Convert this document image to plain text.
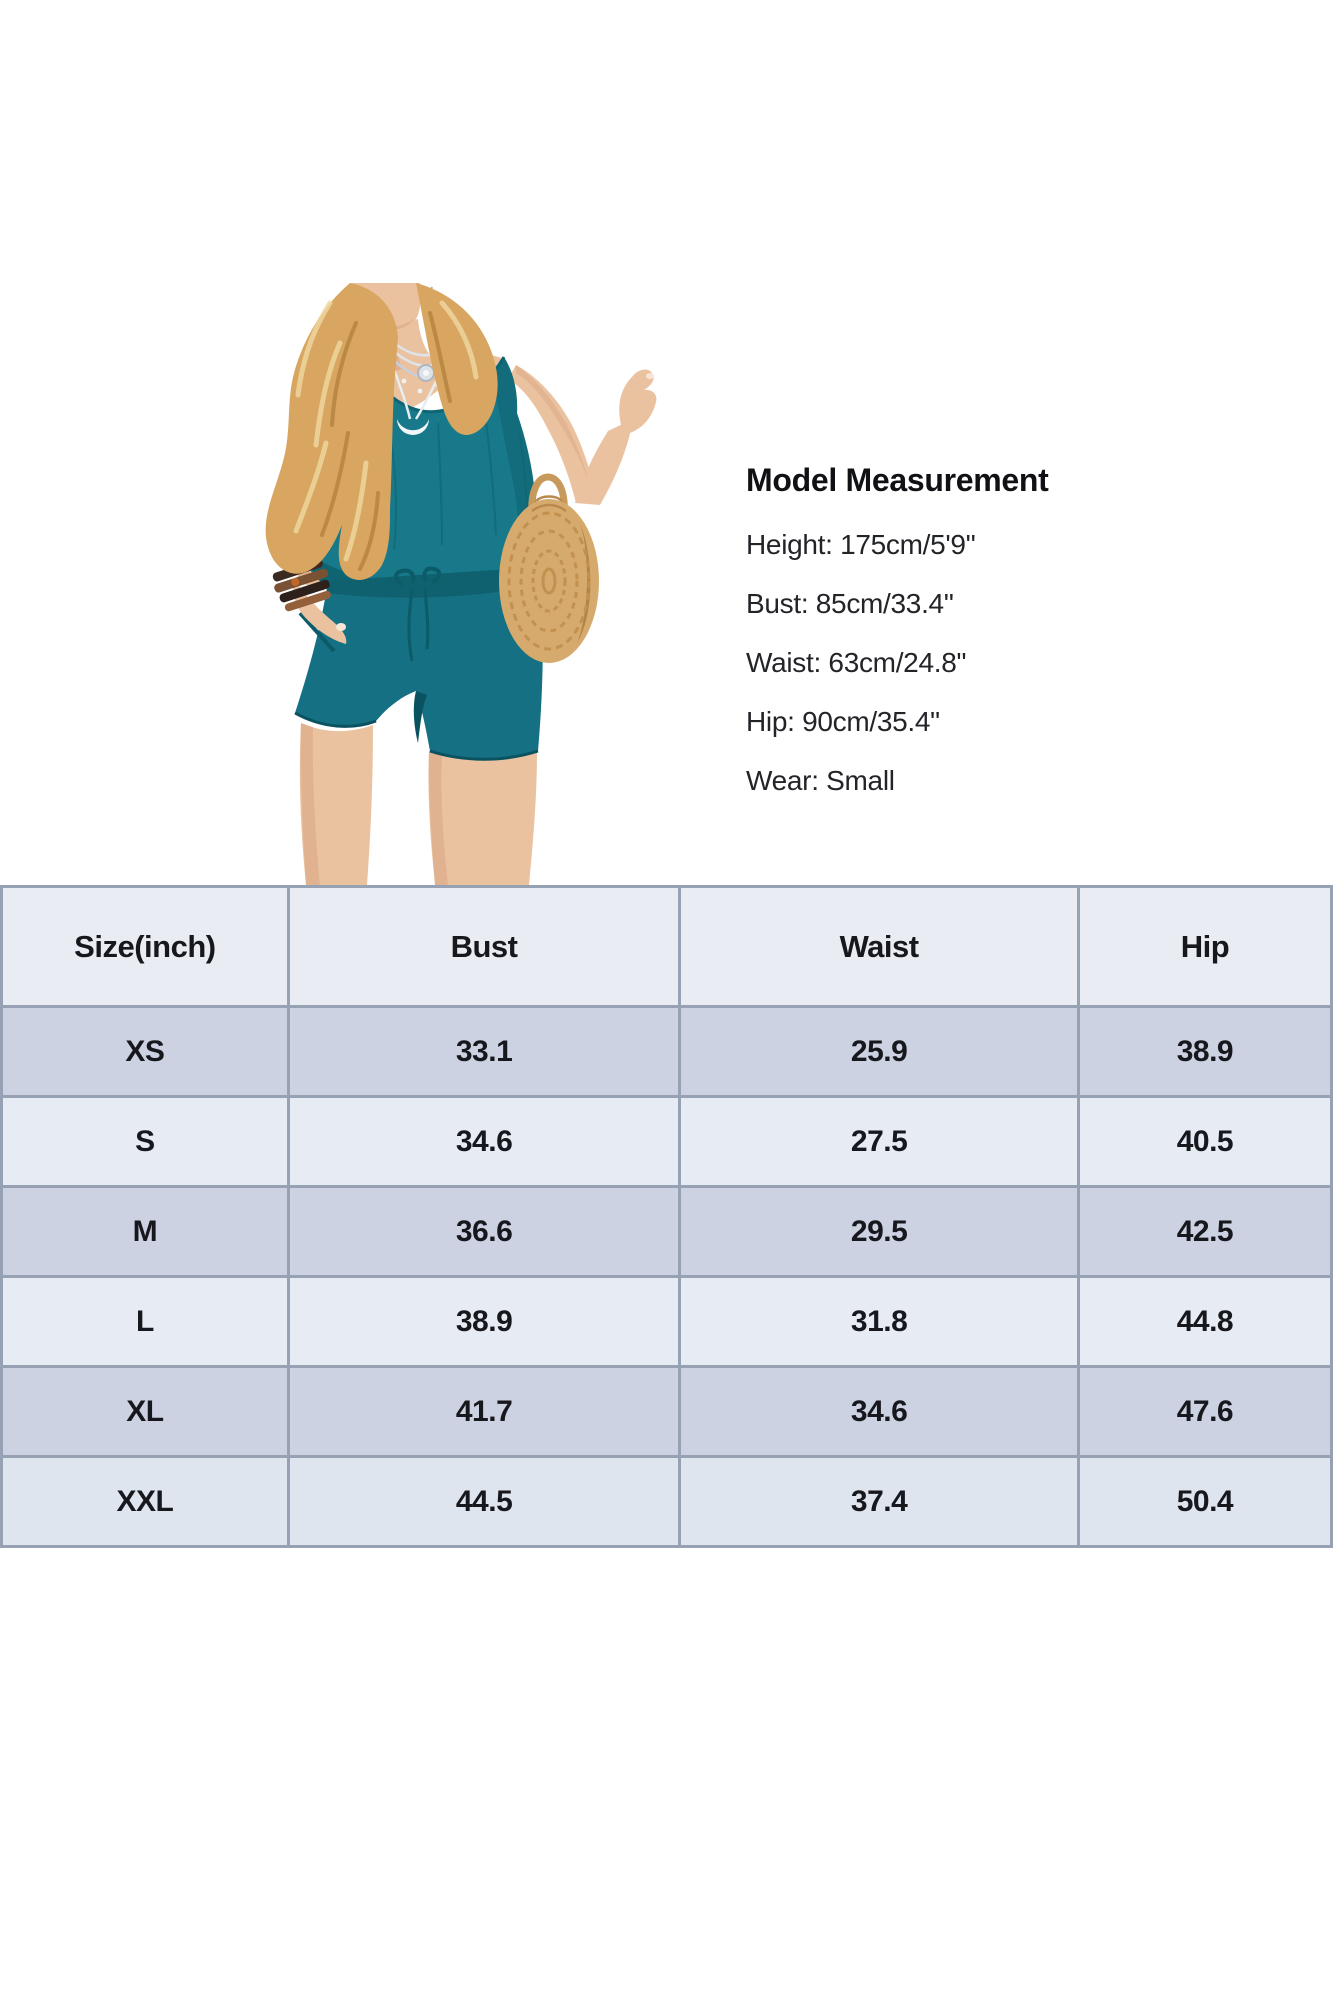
Model Measurement
Height: 175cm/5'9"
Bust: 85cm/33.4"
Waist: 63cm/24.8"
Hip: 90cm/35.4"
Wear: Small
Size(inch)	Bust	Waist	Hip
XS	33.1	25.9	38.9
S	34.6	27.5	40.5
M	36.6	29.5	42.5
L	38.9	31.8	44.8
XL	41.7	34.6	47.6
XXL	44.5	37.4	50.4
